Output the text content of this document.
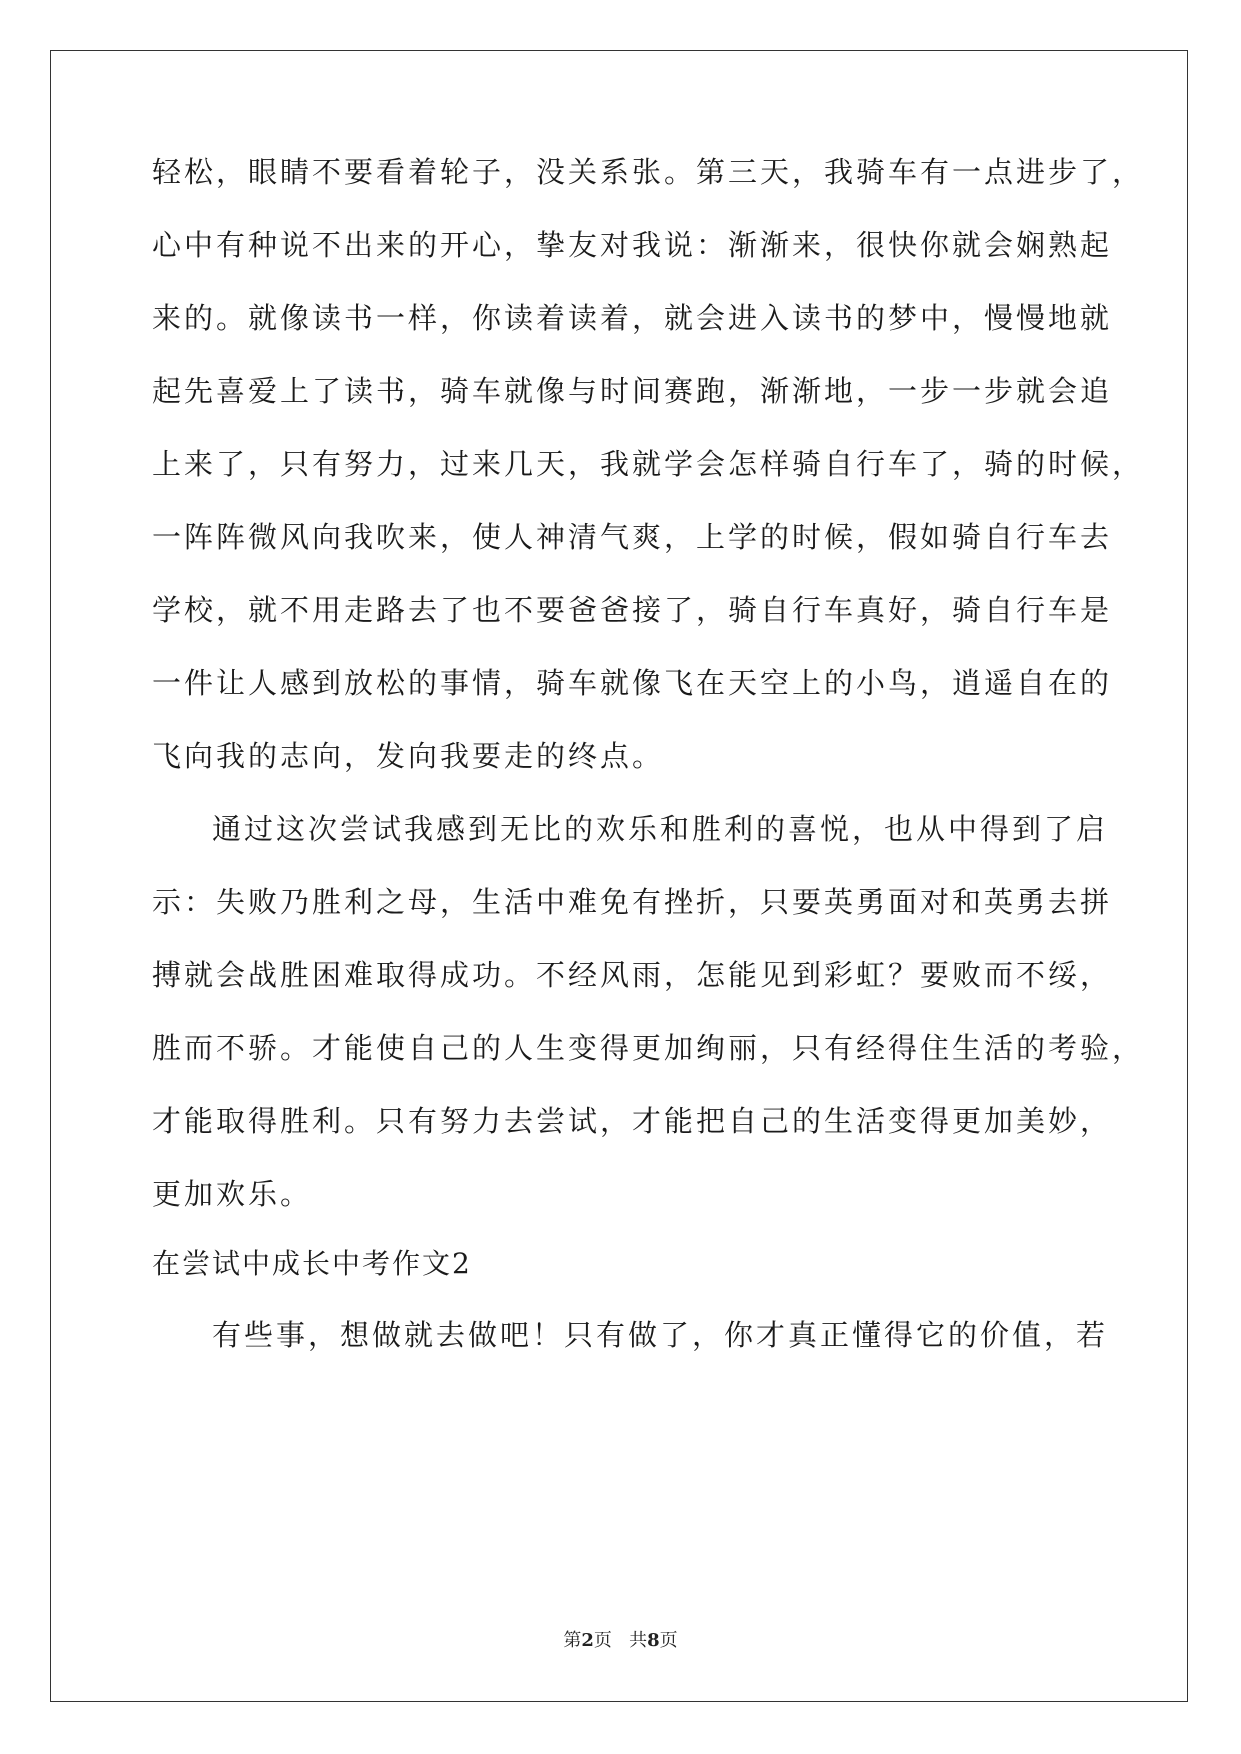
轻松，眼睛不要看着轮子，没关系张。第三天，我骑车有一点进步了，
心中有种说不出来的开心，挚友对我说：渐渐来，很快你就会娴熟起
来的。就像读书一样，你读着读着，就会进入读书的梦中，慢慢地就
起先喜爱上了读书，骑车就像与时间赛跑，渐渐地，一步一步就会追
上来了，只有努力，过来几天，我就学会怎样骑自行车了，骑的时候，
一阵阵微风向我吹来，使人神清气爽，上学的时候，假如骑自行车去
学校，就不用走路去了也不要爸爸接了，骑自行车真好，骑自行车是
一件让人感到放松的事情，骑车就像飞在天空上的小鸟，逍遥自在的
飞向我的志向，发向我要走的终点。
通过这次尝试我感到无比的欢乐和胜利的喜悦，也从中得到了启
示：失败乃胜利之母，生活中难免有挫折，只要英勇面对和英勇去拼
搏就会战胜困难取得成功。不经风雨，怎能见到彩虹？要败而不绥，
胜而不骄。才能使自己的人生变得更加绚丽，只有经得住生活的考验，
才能取得胜利。只有努力去尝试，才能把自己的生活变得更加美妙，
更加欢乐。
在尝试中成长中考作文2
有些事，想做就去做吧！只有做了，你才真正懂得它的价值，若
第2页 共8页
